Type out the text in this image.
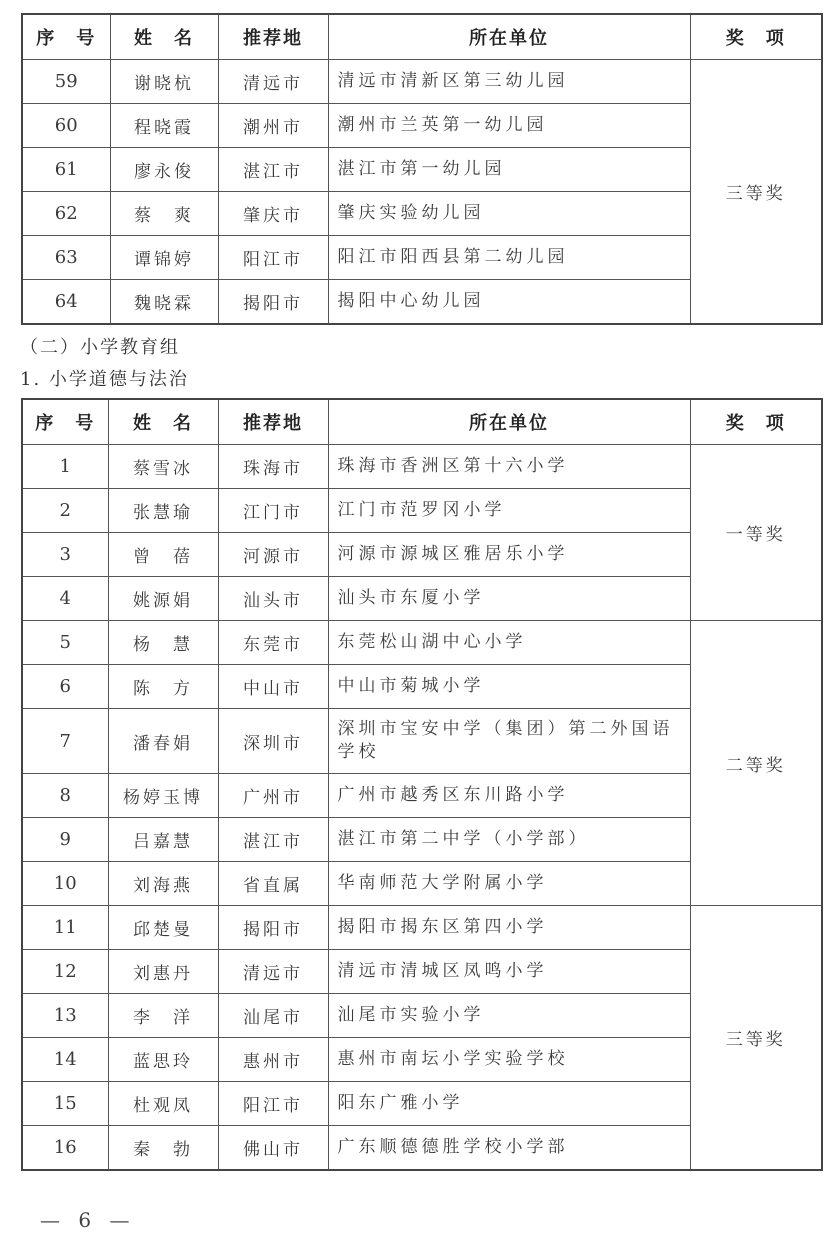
序　号	姓　名	推荐地	所在单位	奖　项
59	谢晓杭	清远市	清远市清新区第三幼儿园	三等奖
60	程晓霞	潮州市	潮州市兰英第一幼儿园	
61	廖永俊	湛江市	湛江市第一幼儿园	
62	蔡　爽	肇庆市	肇庆实验幼儿园	
63	谭锦婷	阳江市	阳江市阳西县第二幼儿园	
64	魏晓霖	揭阳市	揭阳中心幼儿园	
（二）小学教育组
1. 小学道德与法治
序　号	姓　名	推荐地	所在单位	奖　项
1	蔡雪冰	珠海市	珠海市香洲区第十六小学	一等奖
2	张慧瑜	江门市	江门市范罗冈小学	
3	曾　蓓	河源市	河源市源城区雅居乐小学	
4	姚源娟	汕头市	汕头市东厦小学	
5	杨　慧	东莞市	东莞松山湖中心小学	二等奖
6	陈　方	中山市	中山市菊城小学	
7	潘春娟	深圳市	深圳市宝安中学（集团）第二外国语学校	
8	杨婷玉博	广州市	广州市越秀区东川路小学	
9	吕嘉慧	湛江市	湛江市第二中学（小学部）	
10	刘海燕	省直属	华南师范大学附属小学	
11	邱楚曼	揭阳市	揭阳市揭东区第四小学	三等奖
12	刘惠丹	清远市	清远市清城区凤鸣小学	
13	李　洋	汕尾市	汕尾市实验小学	
14	蓝思玲	惠州市	惠州市南坛小学实验学校	
15	杜观凤	阳江市	阳东广雅小学	
16	秦　勃	佛山市	广东顺德德胜学校小学部	
— 6 —
